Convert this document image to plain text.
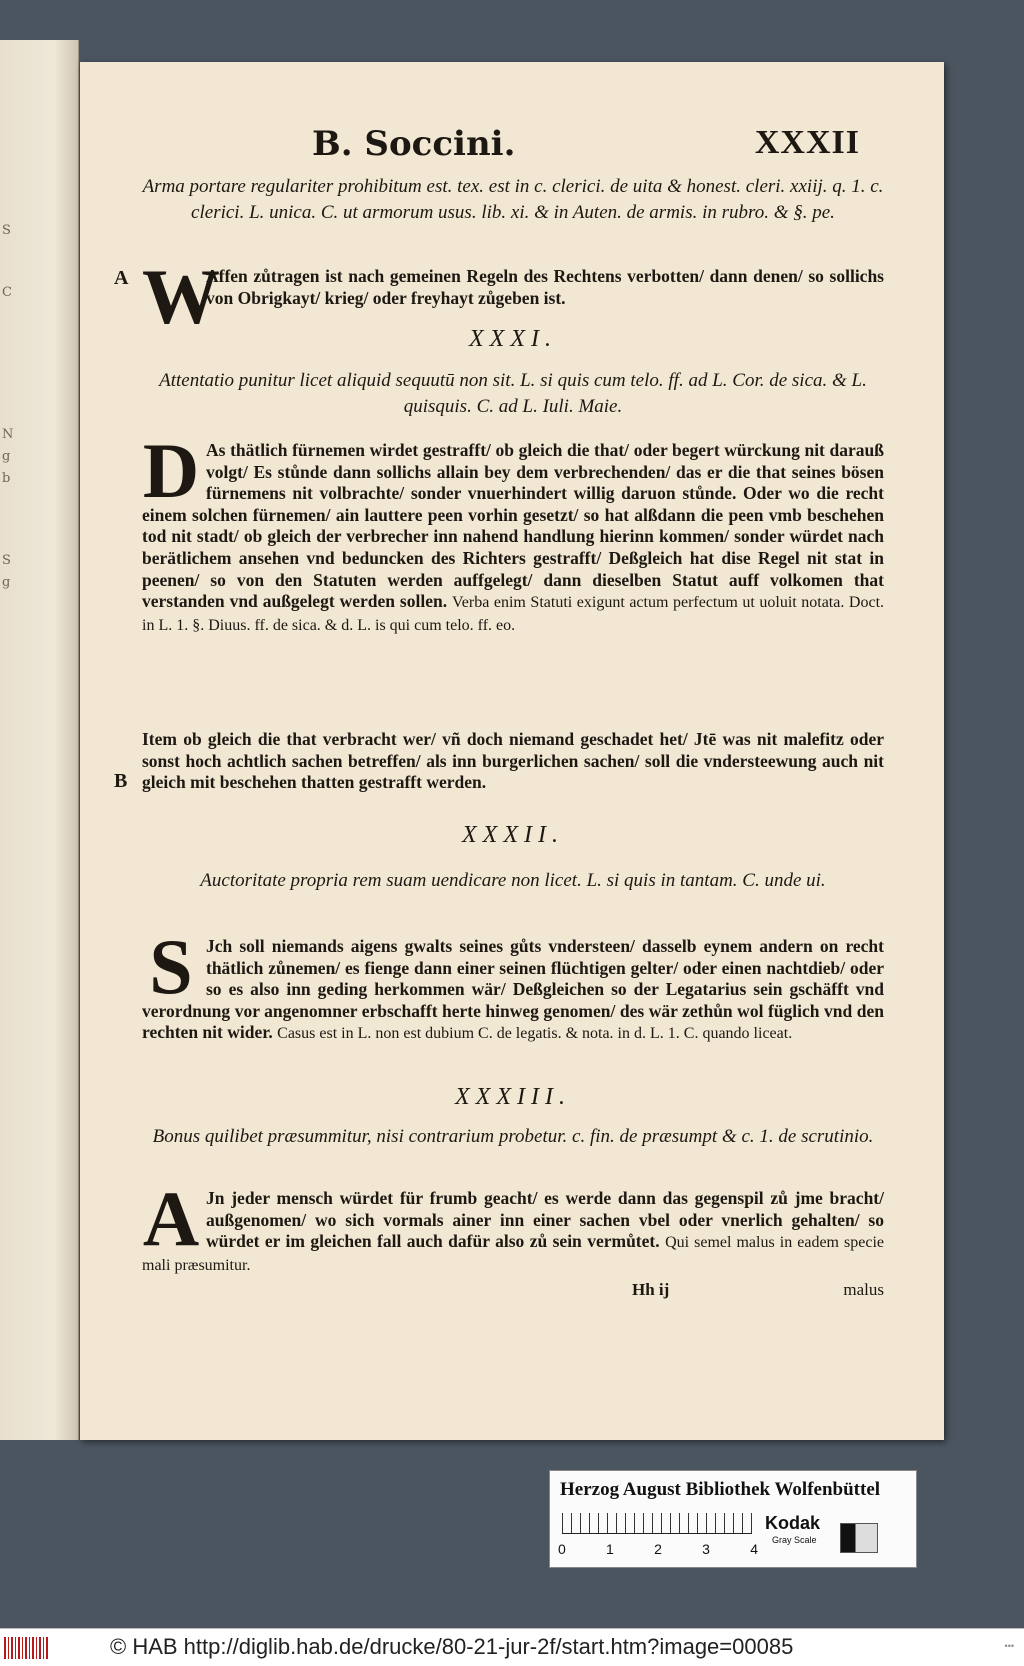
S
C
N
g
b
S
g
B. Soccini.	XXXII
Arma portare regulariter prohibitum est. tex. est in c. clerici. de uita & honest. cleri. xxiij. q. 1. c. clerici. L. unica. C. ut armorum usus. lib. xi. & in Auten. de armis. in rubro. & §. pe.
A W
Affen zůtragen ist nach gemeinen Regeln des Rechtens verbotten/ dann denen/ so sollichs von Obrigkayt/ krieg/ oder freyhayt zůgeben ist.
XXXI.
Attentatio punitur licet aliquid sequutū non sit. L. si quis cum telo. ff. ad L. Cor. de sica. & L. quisquis. C. ad L. Iuli. Maie.
D As thätlich fürnemen wirdet gestrafft/ ob gleich die that/ oder begert würckung nit darauß volgt/ Es stůnde dann sollichs allain bey dem verbrechenden/ das er die that seines bösen fürnemens nit volbrachte/ sonder vnuerhindert willig daruon stůnde. Oder wo die recht einem solchen fürnemen/ ain lauttere peen vorhin gesetzt/ so hat alßdann die peen vmb beschehen tod nit stadt/ ob gleich der verbrecher inn nahend handlung hierinn kommen/ sonder würdet nach berätlichem ansehen vnd beduncken des Richters gestrafft/ Deßgleich hat dise Regel nit stat in peenen/ so von den Statuten werden auffgelegt/ dann dieselben Statut auff volkomen that verstanden vnd außgelegt werden sollen. Verba enim Statuti exigunt actum perfectum ut uoluit notata. Doct. in L. 1. §. Diuus. ff. de sica. & d. L. is qui cum telo. ff. eo.
B
Item ob gleich die that verbracht wer/ vñ doch niemand geschadet het/ Jtē was nit malefitz oder sonst hoch achtlich sachen betreffen/ als inn burgerlichen sachen/ soll die vndersteewung auch nit gleich mit beschehen thatten gestrafft werden.
XXXII.
Auctoritate propria rem suam uendicare non licet. L. si quis in tantam. C. unde ui.
S Jch soll niemands aigens gwalts seines gůts vndersteen/ dasselb eynem andern on recht thätlich zůnemen/ es fienge dann einer seinen flüchtigen gelter/ oder einen nachtdieb/ oder so es also inn geding herkommen wär/ Deßgleichen so der Legatarius sein gschäfft vnd verordnung vor angenomner erbschafft herte hinweg genomen/ des wär zethůn wol füglich vnd den rechten nit wider. Casus est in L. non est dubium C. de legatis. & nota. in d. L. 1. C. quando liceat.
XXXIII.
Bonus quilibet præsummitur, nisi contrarium probetur. c. fin. de præsumpt & c. 1. de scrutinio.
A Jn jeder mensch würdet für frumb geacht/ es werde dann das gegenspil zů jme bracht/ außgenomen/ wo sich vormals ainer inn einer sachen vbel oder vnerlich gehalten/ so würdet er im gleichen fall auch dafür also zů sein vermůtet. Qui semel malus in eadem specie mali præsumitur.
Hh ij	malus
Herzog August Bibliothek Wolfenbüttel
0	1	2	3	4
Kodak
Gray Scale
© HAB http://diglib.hab.de/drucke/80-21-jur-2f/start.htm?image=00085	•••
